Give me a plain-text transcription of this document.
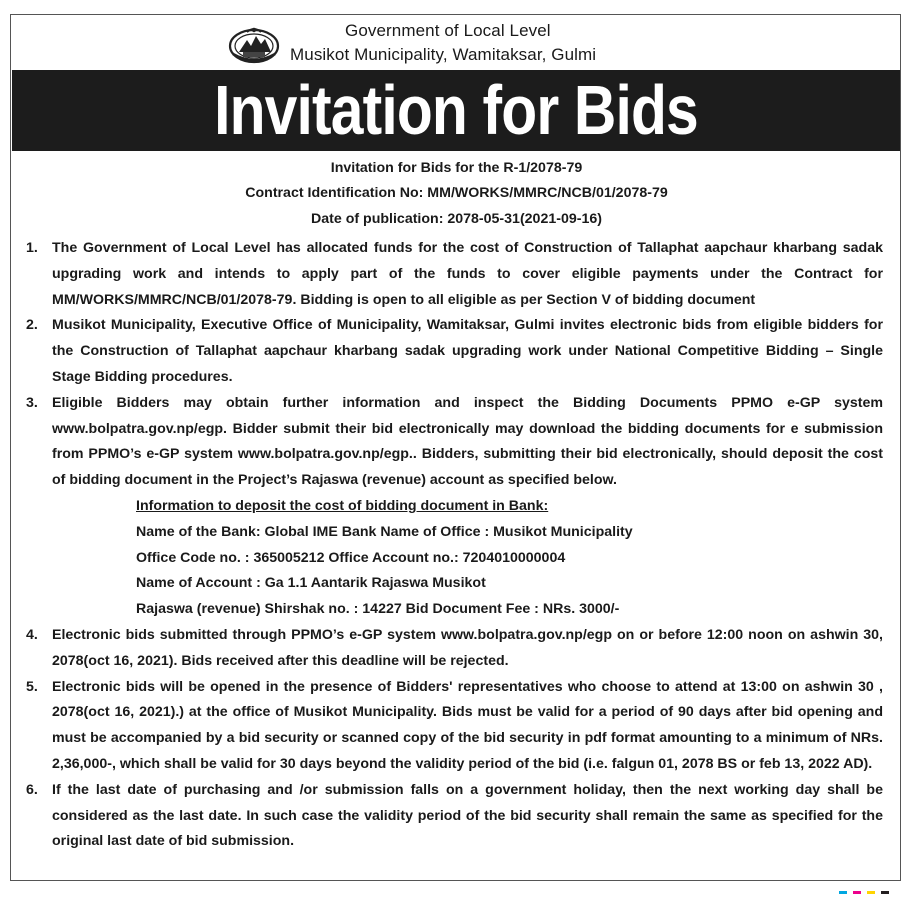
Government of Local Level
Musikot Municipality, Wamitaksar, Gulmi
Invitation for Bids
Invitation for Bids for the R-1/2078-79
Contract Identification No: MM/WORKS/MMRC/NCB/01/2078-79
Date of publication: 2078-05-31(2021-09-16)
1. The Government of Local Level has allocated funds for the cost of Construction of Tallaphat aapchaur kharbang sadak upgrading work and intends to apply part of the funds to cover eligible payments under the Contract for MM/WORKS/MMRC/NCB/01/2078-79. Bidding is open to all eligible as per Section V of bidding document
2. Musikot Municipality, Executive Office of Municipality, Wamitaksar, Gulmi invites electronic bids from eligible bidders for the Construction of Tallaphat aapchaur kharbang sadak upgrading work under National Competitive Bidding – Single Stage Bidding procedures.
3. Eligible Bidders may obtain further information and inspect the Bidding Documents PPMO e-GP system www.bolpatra.gov.np/egp. Bidder submit their bid electronically may download the bidding documents for e submission from PPMO’s e-GP system www.bolpatra.gov.np/egp.. Bidders, submitting their bid electronically, should deposit the cost of bidding document in the Project’s Rajaswa (revenue) account as specified below.
Information to deposit the cost of bidding document in Bank:
Name of the Bank: Global IME Bank Name of Office : Musikot Municipality
Office Code no. : 365005212 Office Account no.: 7204010000004
Name of Account : Ga 1.1 Aantarik Rajaswa Musikot
Rajaswa (revenue) Shirshak no. : 14227 Bid Document Fee : NRs. 3000/-
4. Electronic bids submitted through PPMO’s e-GP system www.bolpatra.gov.np/egp on or before 12:00 noon on ashwin 30, 2078(oct 16, 2021). Bids received after this deadline will be rejected.
5. Electronic bids will be opened in the presence of Bidders' representatives who choose to attend at 13:00 on ashwin 30 , 2078(oct 16, 2021).) at the office of Musikot Municipality. Bids must be valid for a period of 90 days after bid opening and must be accompanied by a bid security or scanned copy of the bid security in pdf format amounting to a minimum of NRs. 2,36,000-, which shall be valid for 30 days beyond the validity period of the bid (i.e. falgun 01, 2078 BS or feb 13, 2022 AD).
6. If the last date of purchasing and /or submission falls on a government holiday, then the next working day shall be considered as the last date. In such case the validity period of the bid security shall remain the same as specified for the original last date of bid submission.
